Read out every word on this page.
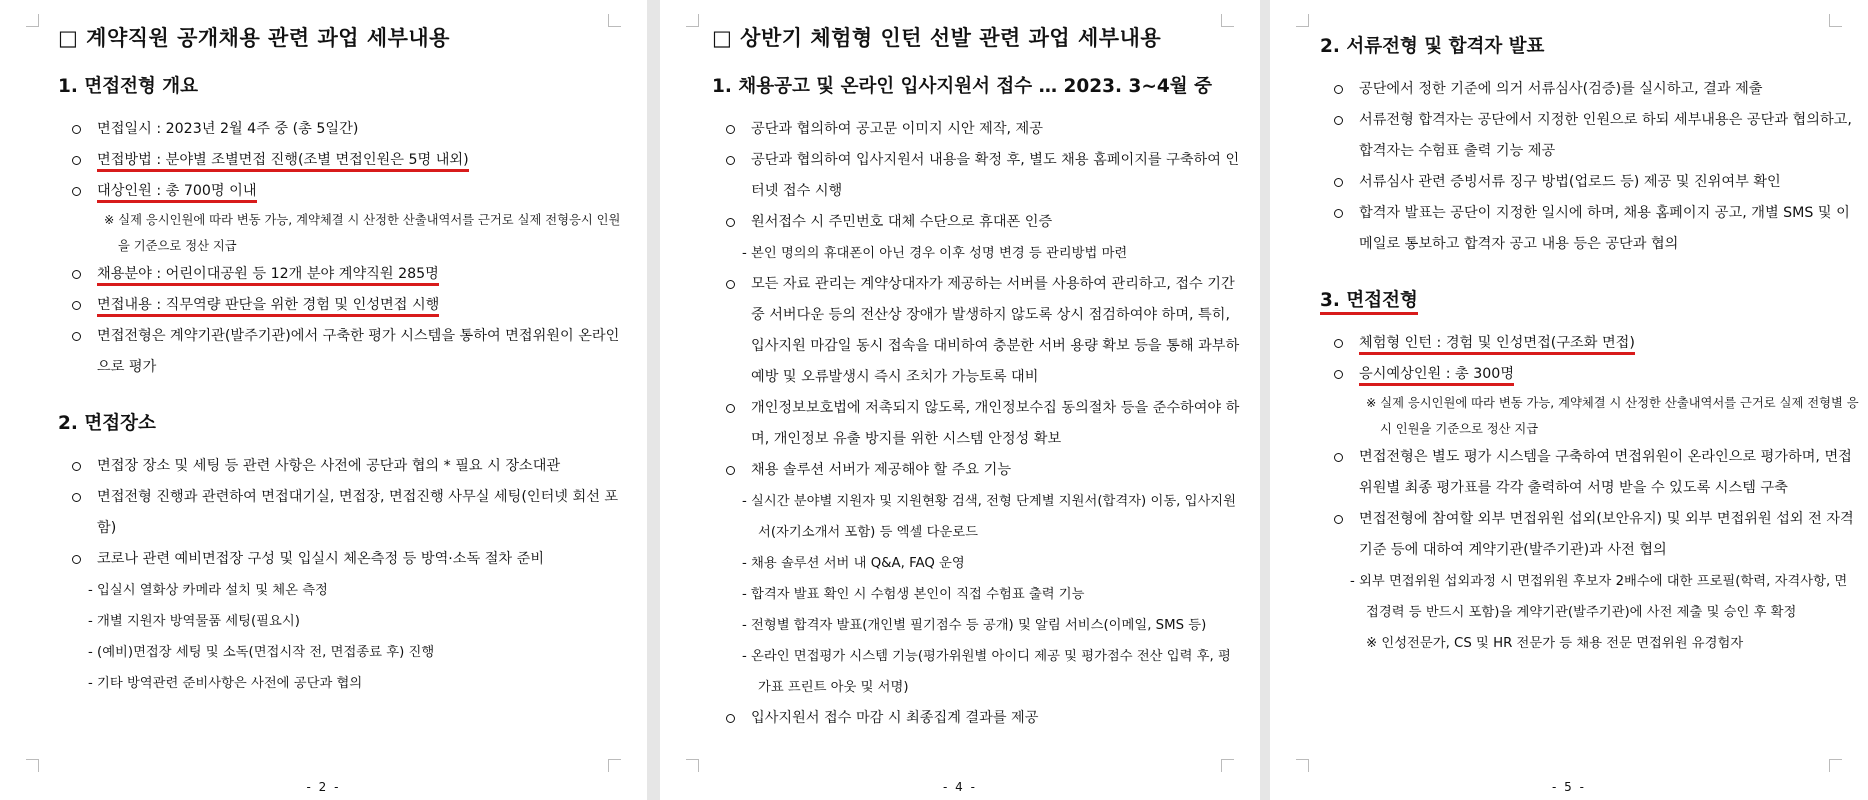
□ 계약직원 공개채용 관련 과업 세부내용
1. 면접전형 개요
면접일시 : 2023년 2월 4주 중 (총 5일간)
면접방법 : 분야별 조별면접 진행(조별 면접인원은 5명 내외)
대상인원 : 총 700명 이내
※ 실제 응시인원에 따라 변동 가능, 계약체결 시 산정한 산출내역서를 근거로 실제 전형응시 인원을 기준으로 정산 지급
채용분야 : 어린이대공원 등 12개 분야 계약직원 285명
면접내용 : 직무역량 판단을 위한 경험 및 인성면접 시행
면접전형은 계약기관(발주기관)에서 구축한 평가 시스템을 통하여 면접위원이 온라인으로 평가
2. 면접장소
면접장 장소 및 세팅 등 관련 사항은 사전에 공단과 협의 * 필요 시 장소대관
면접전형 진행과 관련하여 면접대기실, 면접장, 면접진행 사무실 세팅(인터넷 회선 포함)
코로나 관련 예비면접장 구성 및 입실시 체온측정 등 방역·소독 절차 준비
- 입실시 열화상 카메라 설치 및 체온 측정
- 개별 지원자 방역물품 세팅(필요시)
- (예비)면접장 세팅 및 소독(면접시작 전, 면접종료 후) 진행
- 기타 방역관련 준비사항은 사전에 공단과 협의
- 2 -
□ 상반기 체험형 인턴 선발 관련 과업 세부내용
1. 채용공고 및 온라인 입사지원서 접수 … 2023. 3~4월 중
공단과 협의하여 공고문 이미지 시안 제작, 제공
공단과 협의하여 입사지원서 내용을 확정 후, 별도 채용 홈페이지를 구축하여 인터넷 접수 시행
원서접수 시 주민번호 대체 수단으로 휴대폰 인증
- 본인 명의의 휴대폰이 아닌 경우 이후 성명 변경 등 관리방법 마련
모든 자료 관리는 계약상대자가 제공하는 서버를 사용하여 관리하고, 접수 기간 중 서버다운 등의 전산상 장애가 발생하지 않도록 상시 점검하여야 하며, 특히, 입사지원 마감일 동시 접속을 대비하여 충분한 서버 용량 확보 등을 통해 과부하 예방 및 오류발생시 즉시 조치가 가능토록 대비
개인정보보호법에 저촉되지 않도록, 개인정보수집 동의절차 등을 준수하여야 하며, 개인정보 유출 방지를 위한 시스템 안정성 확보
채용 솔루션 서버가 제공해야 할 주요 기능
- 실시간 분야별 지원자 및 지원현황 검색, 전형 단계별 지원서(합격자) 이동, 입사지원서(자기소개서 포함) 등 엑셀 다운로드
- 채용 솔루션 서버 내 Q&A, FAQ 운영
- 합격자 발표 확인 시 수험생 본인이 직접 수험표 출력 기능
- 전형별 합격자 발표(개인별 필기점수 등 공개) 및 알림 서비스(이메일, SMS 등)
- 온라인 면접평가 시스템 기능(평가위원별 아이디 제공 및 평가점수 전산 입력 후, 평가표 프린트 아웃 및 서명)
입사지원서 접수 마감 시 최종집계 결과를 제공
- 4 -
2. 서류전형 및 합격자 발표
공단에서 정한 기준에 의거 서류심사(검증)를 실시하고, 결과 제출
서류전형 합격자는 공단에서 지정한 인원으로 하되 세부내용은 공단과 협의하고, 합격자는 수험표 출력 기능 제공
서류심사 관련 증빙서류 징구 방법(업로드 등) 제공 및 진위여부 확인
합격자 발표는 공단이 지정한 일시에 하며, 채용 홈페이지 공고, 개별 SMS 및 이메일로 통보하고 합격자 공고 내용 등은 공단과 협의
3. 면접전형
체험형 인턴 : 경험 및 인성면접(구조화 면접)
응시예상인원 : 총 300명
※ 실제 응시인원에 따라 변동 가능, 계약체결 시 산정한 산출내역서를 근거로 실제 전형별 응시 인원을 기준으로 정산 지급
면접전형은 별도 평가 시스템을 구축하여 면접위원이 온라인으로 평가하며, 면접위원별 최종 평가표를 각각 출력하여 서명 받을 수 있도록 시스템 구축
면접전형에 참여할 외부 면접위원 섭외(보안유지) 및 외부 면접위원 섭외 전 자격기준 등에 대하여 계약기관(발주기관)과 사전 협의
- 외부 면접위원 섭외과정 시 면접위원 후보자 2배수에 대한 프로필(학력, 자격사항, 면접경력 등 반드시 포함)을 계약기관(발주기관)에 사전 제출 및 승인 후 확정
※ 인성전문가, CS 및 HR 전문가 등 채용 전문 면접위원 유경험자
- 5 -
